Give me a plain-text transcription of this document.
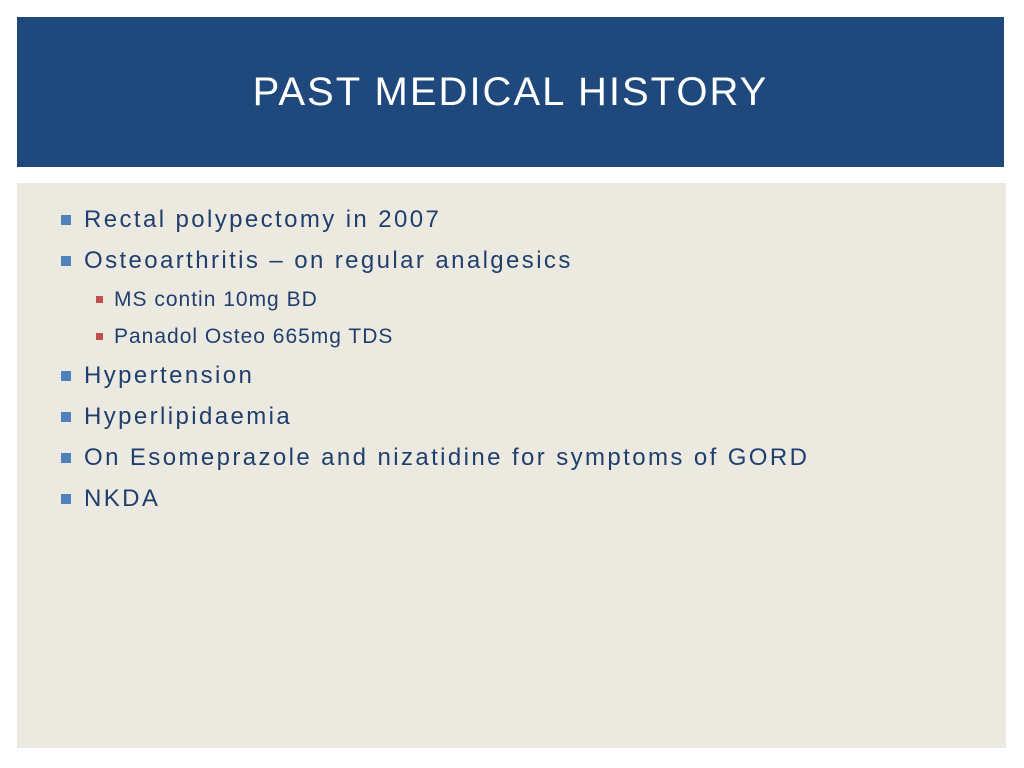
PAST MEDICAL HISTORY
Rectal polypectomy in 2007
Osteoarthritis – on regular analgesics
MS contin 10mg BD
Panadol Osteo 665mg TDS
Hypertension
Hyperlipidaemia
On Esomeprazole and nizatidine for symptoms of GORD
NKDA
